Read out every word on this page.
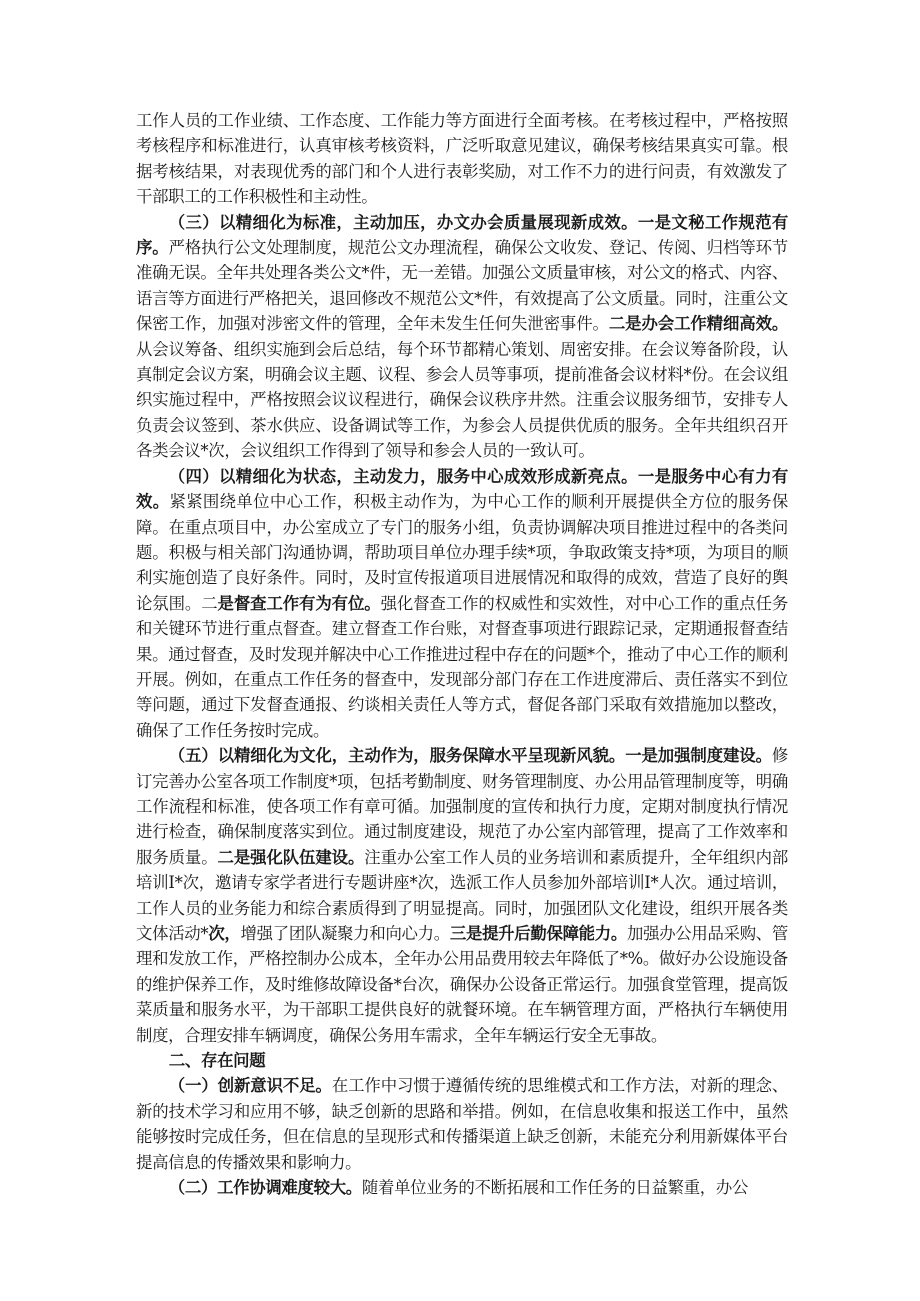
工作人员的工作业绩、工作态度、工作能力等方面进行全面考核。在考核过程中，严格按照考核程序和标准进行，认真审核考核资料，广泛听取意见建议，确保考核结果真实可靠。根据考核结果，对表现优秀的部门和个人进行表彰奖励，对工作不力的进行问责，有效激发了干部职工的工作积极性和主动性。

（三）以精细化为标准，主动加压，办文办会质量展现新成效。一是文秘工作规范有序。严格执行公文处理制度，规范公文办理流程，确保公文收发、登记、传阅、归档等环节准确无误。全年共处理各类公文*件，无一差错。加强公文质量审核，对公文的格式、内容、语言等方面进行严格把关，退回修改不规范公文*件，有效提高了公文质量。同时，注重公文保密工作，加强对涉密文件的管理，全年未发生任何失泄密事件。二是办会工作精细高效。从会议筹备、组织实施到会后总结，每个环节都精心策划、周密安排。在会议筹备阶段，认真制定会议方案，明确会议主题、议程、参会人员等事项，提前准备会议材料*份。在会议组织实施过程中，严格按照会议议程进行，确保会议秩序井然。注重会议服务细节，安排专人负责会议签到、茶水供应、设备调试等工作，为参会人员提供优质的服务。全年共组织召开各类会议*次，会议组织工作得到了领导和参会人员的一致认可。

（四）以精细化为状态，主动发力，服务中心成效形成新亮点。一是服务中心有力有效。紧紧围绕单位中心工作，积极主动作为，为中心工作的顺利开展提供全方位的服务保障。在重点项目中，办公室成立了专门的服务小组，负责协调解决项目推进过程中的各类问题。积极与相关部门沟通协调，帮助项目单位办理手续*项，争取政策支持*项，为项目的顺利实施创造了良好条件。同时，及时宣传报道项目进展情况和取得的成效，营造了良好的舆论氛围。二是督查工作有为有位。强化督查工作的权威性和实效性，对中心工作的重点任务和关键环节进行重点督查。建立督查工作台账，对督查事项进行跟踪记录，定期通报督查结果。通过督查，及时发现并解决中心工作推进过程中存在的问题*个，推动了中心工作的顺利开展。例如，在重点工作任务的督查中，发现部分部门存在工作进度滞后、责任落实不到位等问题，通过下发督查通报、约谈相关责任人等方式，督促各部门采取有效措施加以整改，确保了工作任务按时完成。

（五）以精细化为文化，主动作为，服务保障水平呈现新风貌。一是加强制度建设。修订完善办公室各项工作制度*项，包括考勤制度、财务管理制度、办公用品管理制度等，明确工作流程和标准，使各项工作有章可循。加强制度的宣传和执行力度，定期对制度执行情况进行检查，确保制度落实到位。通过制度建设，规范了办公室内部管理，提高了工作效率和服务质量。二是强化队伍建设。注重办公室工作人员的业务培训和素质提升，全年组织内部培训I*次，邀请专家学者进行专题讲座*次，选派工作人员参加外部培训I*人次。通过培训，工作人员的业务能力和综合素质得到了明显提高。同时，加强团队文化建设，组织开展各类文体活动*次，增强了团队凝聚力和向心力。三是提升后勤保障能力。加强办公用品采购、管理和发放工作，严格控制办公成本，全年办公用品费用较去年降低了*%。做好办公设施设备的维护保养工作，及时维修故障设备*台次，确保办公设备正常运行。加强食堂管理，提高饭菜质量和服务水平，为干部职工提供良好的就餐环境。在车辆管理方面，严格执行车辆使用制度，合理安排车辆调度，确保公务用车需求，全年车辆运行安全无事故。

二、存在问题

（一）创新意识不足。在工作中习惯于遵循传统的思维模式和工作方法，对新的理念、新的技术学习和应用不够，缺乏创新的思路和举措。例如，在信息收集和报送工作中，虽然能够按时完成任务，但在信息的呈现形式和传播渠道上缺乏创新，未能充分利用新媒体平台提高信息的传播效果和影响力。

（二）工作协调难度较大。随着单位业务的不断拓展和工作任务的日益繁重，办公
